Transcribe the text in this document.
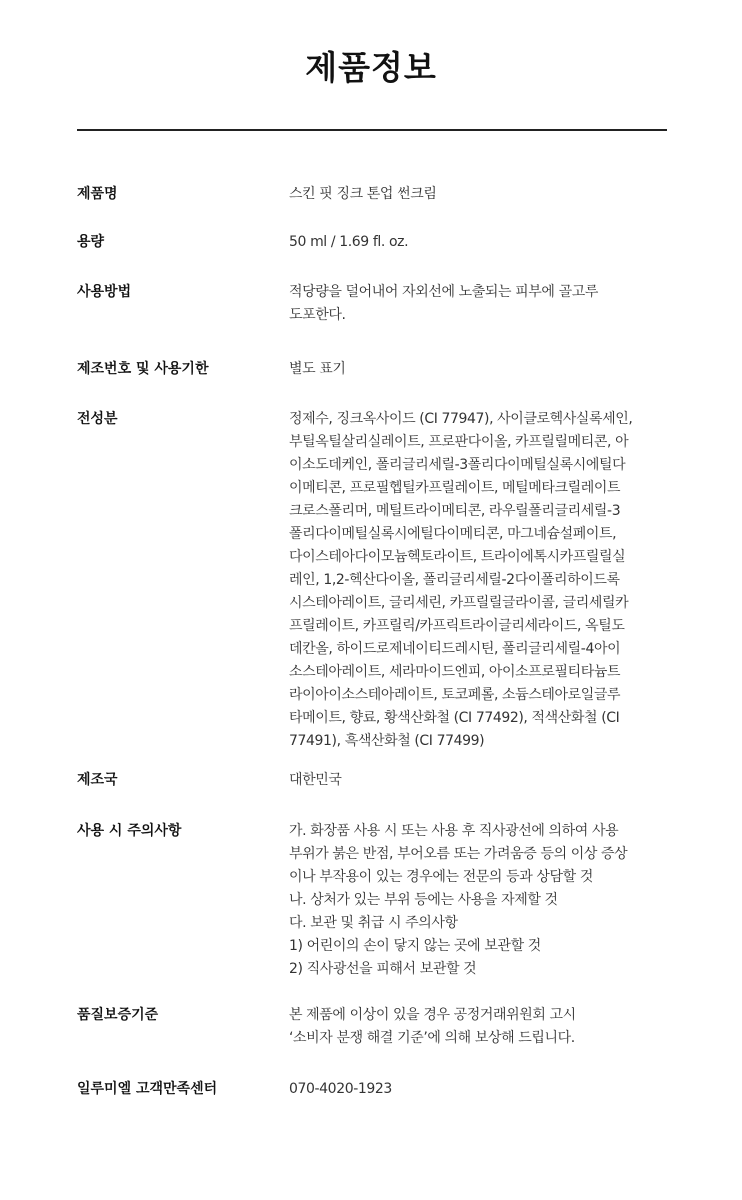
제품정보
제품명	스킨 핏 징크 톤업 썬크림
용량	50 ml / 1.69 fl. oz.
사용방법	적당량을 덜어내어 자외선에 노출되는 피부에 골고루
도포한다.
제조번호 및 사용기한	별도 표기
전성분	정제수, 징크옥사이드 (CI 77947), 사이클로헥사실록세인,
부틸옥틸살리실레이트, 프로판다이올, 카프릴릴메티콘, 아
이소도데케인, 폴리글리세릴-3폴리다이메틸실록시에틸다
이메티콘, 프로필헵틸카프릴레이트, 메틸메타크릴레이트
크로스폴리머, 메틸트라이메티콘, 라우릴폴리글리세릴-3
폴리다이메틸실록시에틸다이메티콘, 마그네슘설페이트,
다이스테아다이모늄헥토라이트, 트라이에톡시카프릴릴실
레인, 1,2-헥산다이올, 폴리글리세릴-2다이폴리하이드록
시스테아레이트, 글리세린, 카프릴릴글라이콜, 글리세릴카
프릴레이트, 카프릴릭/카프릭트라이글리세라이드, 옥틸도
데칸올, 하이드로제네이티드레시틴, 폴리글리세릴-4아이
소스테아레이트, 세라마이드엔피, 아이소프로필티타늄트
라이아이소스테아레이트, 토코페롤, 소듐스테아로일글루
타메이트, 향료, 황색산화철 (CI 77492), 적색산화철 (CI
77491), 흑색산화철 (CI 77499)
제조국	대한민국
사용 시 주의사항	가. 화장품 사용 시 또는 사용 후 직사광선에 의하여 사용
부위가 붉은 반점, 부어오름 또는 가려움증 등의 이상 증상
이나 부작용이 있는 경우에는 전문의 등과 상담할 것
나. 상처가 있는 부위 등에는 사용을 자제할 것
다. 보관 및 취급 시 주의사항
1) 어린이의 손이 닿지 않는 곳에 보관할 것
2) 직사광선을 피해서 보관할 것
품질보증기준	본 제품에 이상이 있을 경우 공정거래위원회 고시
‘소비자 분쟁 해결 기준’에 의해 보상해 드립니다.
일루미엘 고객만족센터	070-4020-1923
